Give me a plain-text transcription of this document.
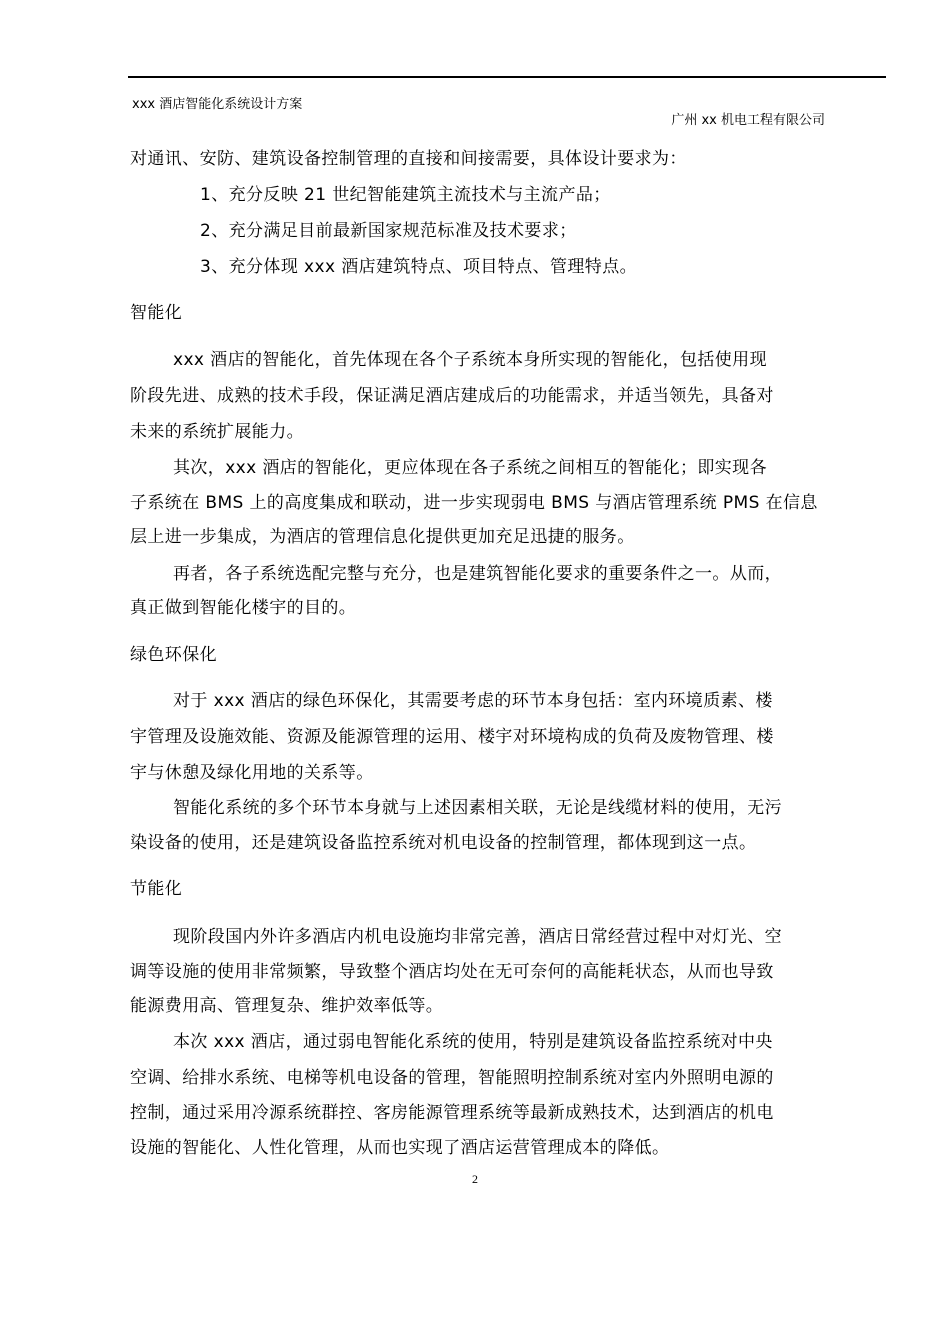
xxx 酒店智能化系统设计方案
广州 xx 机电工程有限公司
对通讯、安防、建筑设备控制管理的直接和间接需要，具体设计要求为：
1、充分反映 21 世纪智能建筑主流技术与主流产品；
2、充分满足目前最新国家规范标准及技术要求；
3、充分体现 xxx 酒店建筑特点、项目特点、管理特点。
智能化
xxx 酒店的智能化，首先体现在各个子系统本身所实现的智能化，包括使用现
阶段先进、成熟的技术手段，保证满足酒店建成后的功能需求，并适当领先，具备对
未来的系统扩展能力。
其次，xxx 酒店的智能化，更应体现在各子系统之间相互的智能化；即实现各
子系统在 BMS 上的高度集成和联动，进一步实现弱电 BMS 与酒店管理系统 PMS 在信息
层上进一步集成，为酒店的管理信息化提供更加充足迅捷的服务。
再者，各子系统选配完整与充分，也是建筑智能化要求的重要条件之一。从而，
真正做到智能化楼宇的目的。
绿色环保化
对于 xxx 酒店的绿色环保化，其需要考虑的环节本身包括：室内环境质素、楼
宇管理及设施效能、资源及能源管理的运用、楼宇对环境构成的负荷及废物管理、楼
宇与休憩及绿化用地的关系等。
智能化系统的多个环节本身就与上述因素相关联，无论是线缆材料的使用，无污
染设备的使用，还是建筑设备监控系统对机电设备的控制管理，都体现到这一点。
节能化
现阶段国内外许多酒店内机电设施均非常完善，酒店日常经营过程中对灯光、空
调等设施的使用非常频繁，导致整个酒店均处在无可奈何的高能耗状态，从而也导致
能源费用高、管理复杂、维护效率低等。
本次 xxx 酒店，通过弱电智能化系统的使用，特别是建筑设备监控系统对中央
空调、给排水系统、电梯等机电设备的管理，智能照明控制系统对室内外照明电源的
控制，通过采用冷源系统群控、客房能源管理系统等最新成熟技术，达到酒店的机电
设施的智能化、人性化管理，从而也实现了酒店运营管理成本的降低。
2
